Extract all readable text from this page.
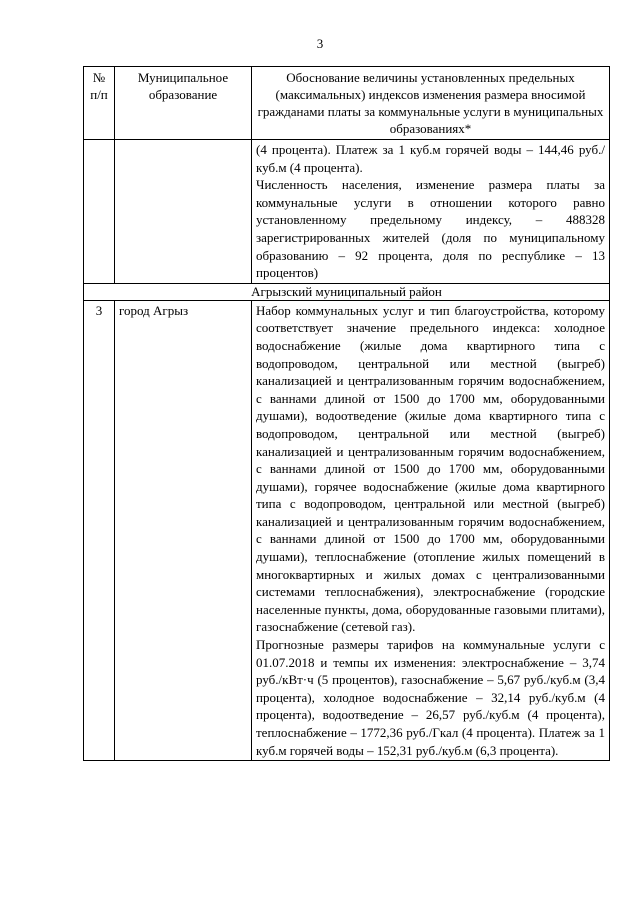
3
№ п/п	Муниципальное образование	Обоснование величины установленных предельных (максимальных) индексов изменения размера вносимой гражданами платы за коммунальные услуги в муниципальных образованиях*

		(4 процента). Платеж за 1 куб.м горячей воды – 144,46 руб./куб.м (4 процента).
Численность населения, изменение размера платы за коммунальные услуги в отношении которого равно установленному предельному индексу, – 488328 зарегистрированных жителей (доля по муниципальному образованию – 92 процента, доля по республике – 13 процентов)

Агрызский муниципальный район		
3	город Агрыз	Набор коммунальных услуг и тип благоустройства, которому соответствует значение предельного индекса: холодное водоснабжение (жилые дома квартирного типа с водопроводом, центральной или местной (выгреб) канализацией и централизованным горячим водоснабжением, с ваннами длиной от 1500 до 1700 мм, оборудованными душами), водоотведение (жилые дома квартирного типа с водопроводом, центральной или местной (выгреб) канализацией и централизованным горячим водоснабжением, с ваннами длиной от 1500 до 1700 мм, оборудованными душами), горячее водоснабжение (жилые дома квартирного типа с водопроводом, центральной или местной (выгреб) канализацией и централизованным горячим водоснабжением, с ваннами длиной от 1500 до 1700 мм, оборудованными душами), теплоснабжение (отопление жилых помещений в многоквартирных и жилых домах с централизованными системами теплоснабжения), электроснабжение (городские населенные пункты, дома, оборудованные газовыми плитами), газоснабжение (сетевой газ).
Прогнозные размеры тарифов на коммунальные услуги с 01.07.2018 и темпы их изменения: электроснабжение – 3,74 руб./кВт·ч (5 процентов), газоснабжение – 5,67 руб./куб.м (3,4 процента), холодное водоснабжение – 32,14 руб./куб.м (4 процента), водоотведение – 26,57 руб./куб.м (4 процента), теплоснабжение – 1772,36 руб./Гкал (4 процента). Платеж за 1 куб.м горячей воды – 152,31 руб./куб.м (6,3 процента).
